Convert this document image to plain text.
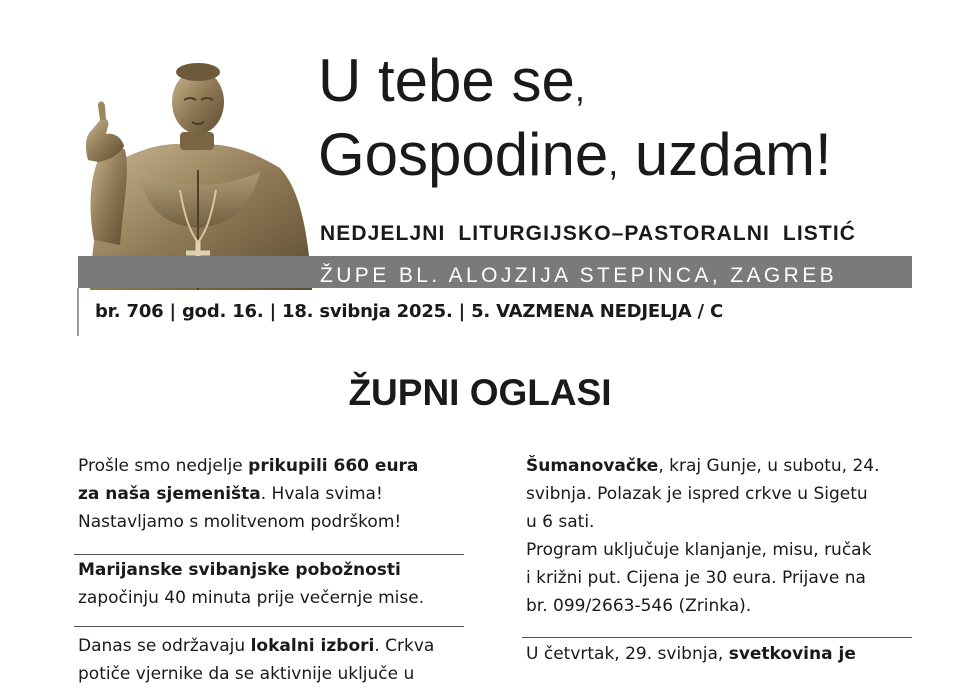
U tebe se,
Gospodine, uzdam!
NEDJELJNI LITURGIJSKO–PASTORALNI LISTIĆ
ŽUPE BL. ALOJZIJA STEPINCA, ZAGREB
br. 706 | god. 16. | 18. svibnja 2025. | 5. VAZMENA NEDJELJA / C
ŽUPNI OGLASI
Prošle smo nedjelje prikupili 660 eura
za naša sjemeništa. Hvala svima!
Nastavljamo s molitvenom podrškom!
Marijanske svibanjske pobožnosti
započinju 40 minuta prije večernje mise.
Danas se održavaju lokalni izbori. Crkva
potiče vjernike da se aktivnije uključe u
Šumanovačke, kraj Gunje, u subotu, 24.
svibnja. Polazak je ispred crkve u Sigetu
u 6 sati.
Program uključuje klanjanje, misu, ručak
i križni put. Cijena je 30 eura. Prijave na
br. 099/2663-546 (Zrinka).
U četvrtak, 29. svibnja, svetkovina je
